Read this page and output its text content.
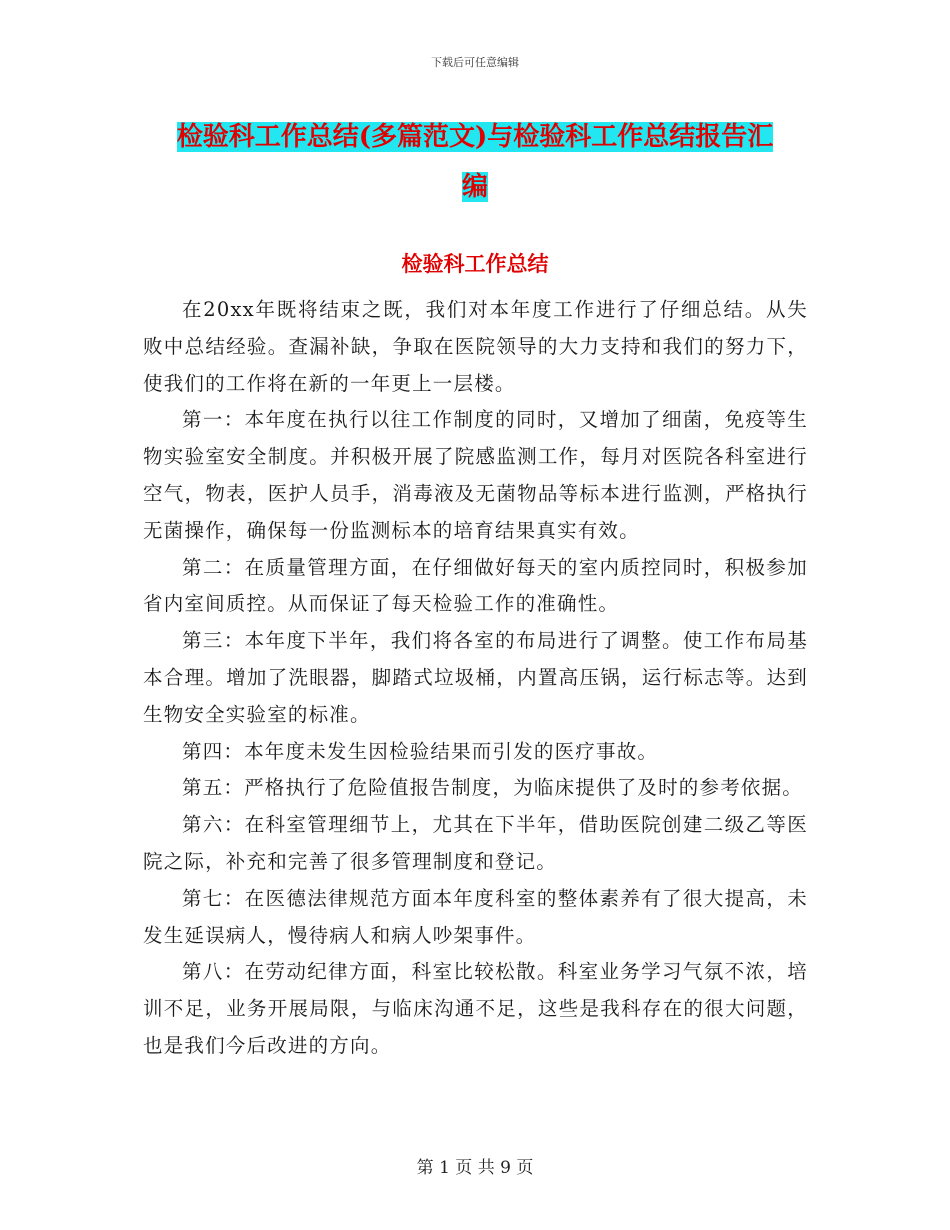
下载后可任意编辑
检验科工作总结(多篇范文)与检验科工作总结报告汇
编
检验科工作总结

在20xx年既将结束之既，我们对本年度工作进行了仔细总结。从失败中总结经验。查漏补缺，争取在医院领导的大力支持和我们的努力下，使我们的工作将在新的一年更上一层楼。

第一：本年度在执行以往工作制度的同时，又增加了细菌，免疫等生物实验室安全制度。并积极开展了院感监测工作，每月对医院各科室进行空气，物表，医护人员手，消毒液及无菌物品等标本进行监测，严格执行无菌操作，确保每一份监测标本的培育结果真实有效。

第二：在质量管理方面，在仔细做好每天的室内质控同时，积极参加省内室间质控。从而保证了每天检验工作的准确性。

第三：本年度下半年，我们将各室的布局进行了调整。使工作布局基本合理。增加了洗眼器，脚踏式垃圾桶，内置高压锅，运行标志等。达到生物安全实验室的标准。

第四：本年度未发生因检验结果而引发的医疗事故。

第五：严格执行了危险值报告制度，为临床提供了及时的参考依据。

第六：在科室管理细节上，尤其在下半年，借助医院创建二级乙等医院之际，补充和完善了很多管理制度和登记。

第七：在医德法律规范方面本年度科室的整体素养有了很大提高，未发生延误病人，慢待病人和病人吵架事件。

第八：在劳动纪律方面，科室比较松散。科室业务学习气氛不浓，培训不足，业务开展局限，与临床沟通不足，这些是我科存在的很大问题，也是我们今后改进的方向。

第 1 页 共 9 页
